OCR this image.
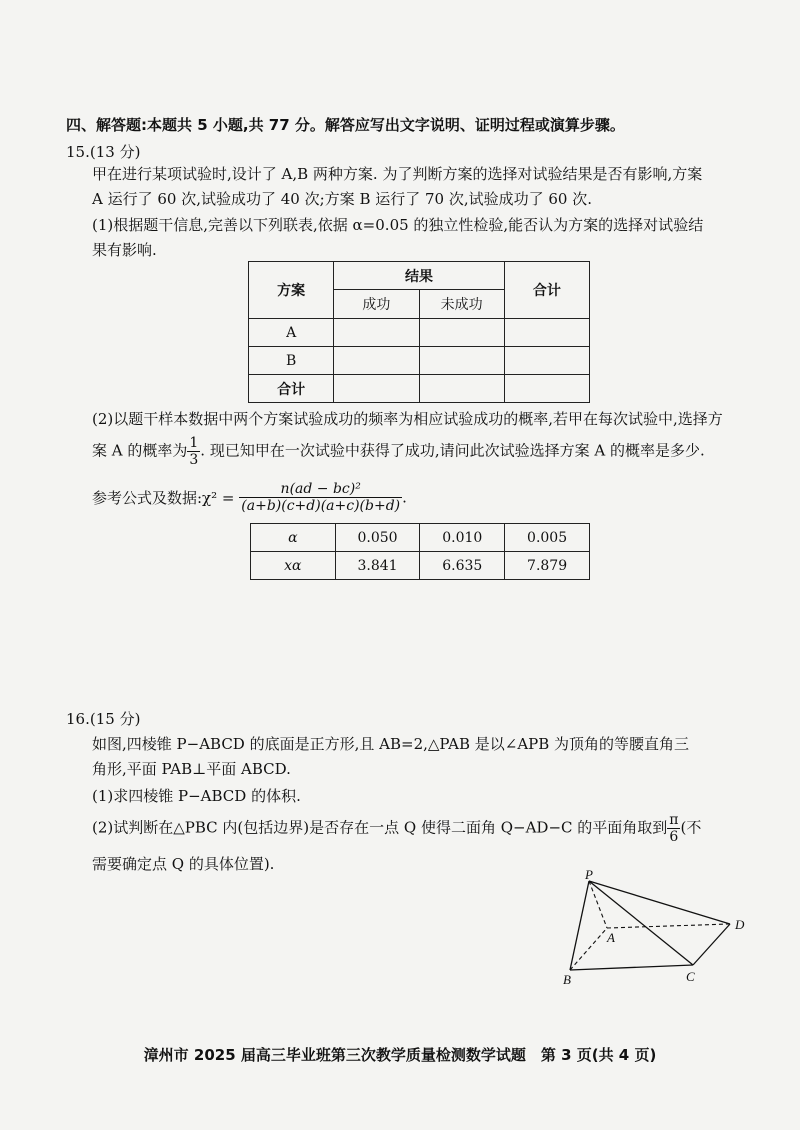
四、解答题:本题共 5 小题,共 77 分。解答应写出文字说明、证明过程或演算步骤。
15.(13 分)
甲在进行某项试验时,设计了 A,B 两种方案. 为了判断方案的选择对试验结果是否有影响,方案
A 运行了 60 次,试验成功了 40 次;方案 B 运行了 70 次,试验成功了 60 次.
(1)根据题干信息,完善以下列联表,依据 α=0.05 的独立性检验,能否认为方案的选择对试验结
果有影响.
方案	结果		合计
	成功	未成功	
A			
B			
合计			
(2)以题干样本数据中两个方案试验成功的频率为相应试验成功的概率,若甲在每次试验中,选择方
案 A 的概率为 $\frac{1}{3}$ . 现已知甲在一次试验中获得了成功,请问此次试验选择方案 A 的概率是多少.
参考公式及数据:χ² = $\frac{\text{n(ad − bc)²}}{(a+b)(c+d)(a+c)(b+d)}$ .
α	0.050	0.010	0.005
xα	3.841	6.635	7.879
16.(15 分)
如图,四棱锥 P−ABCD 的底面是正方形,且 AB=2,△PAB 是以∠APB 为顶角的等腰直角三
角形,平面 PAB⊥平面 ABCD.
(1)求四棱锥 P−ABCD 的体积.
(2)试判断在△PBC 内(包括边界)是否存在一点 Q 使得二面角 Q−AD−C 的平面角取到 $\frac{\pi}{6}$ (不
需要确定点 Q 的具体位置).
P
A
B	C
D
漳州市 2025 届高三毕业班第三次教学质量检测数学试题　第 3 页(共 4 页)
